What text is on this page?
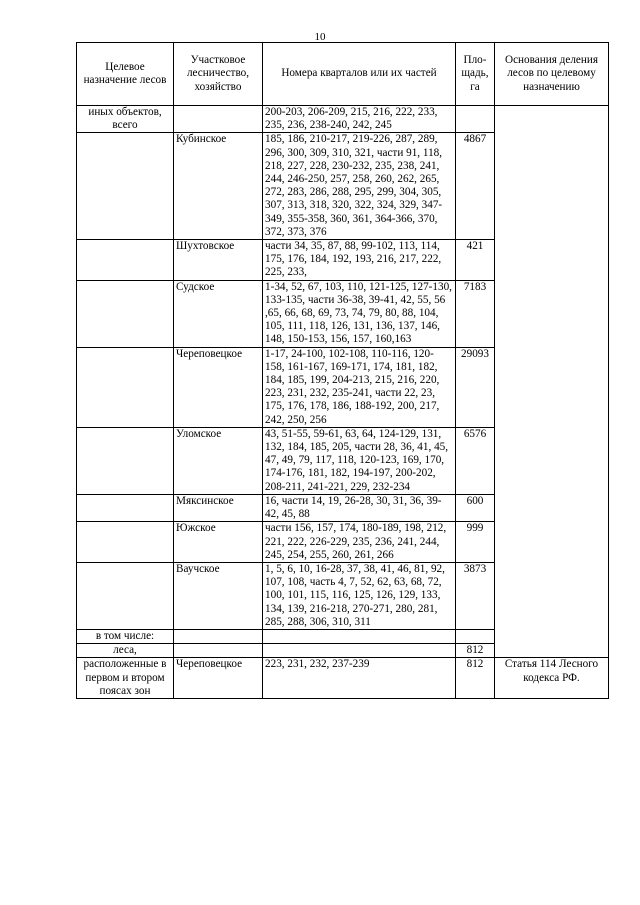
10
Целевое назначение лесов	Участковое лесничество, хозяйство	Номера кварталов или их частей	Пло-щадь, га	Основания деления лесов по целевому назначению
иных объектов, всего		200-203, 206-209, 215, 216, 222, 233, 235, 236, 238-240, 242, 245		
	Кубинское	185, 186, 210-217, 219-226, 287, 289, 296, 300, 309, 310, 321, части 91, 118, 218, 227, 228, 230-232, 235, 238, 241, 244, 246-250, 257, 258, 260, 262, 265, 272, 283, 286, 288, 295, 299, 304, 305, 307, 313, 318, 320, 322, 324, 329, 347-349, 355-358, 360, 361, 364-366, 370, 372, 373, 376	4867	
	Шухтовское	части 34, 35, 87, 88, 99-102, 113, 114, 175, 176, 184, 192, 193, 216, 217, 222, 225, 233,	421	
	Судское	1-34, 52, 67, 103, 110, 121-125, 127-130, 133-135, части 36-38, 39-41, 42, 55, 56 ,65, 66, 68, 69, 73, 74, 79, 80, 88, 104, 105, 111, 118, 126, 131, 136, 137, 146, 148, 150-153, 156, 157, 160,163	7183	
	Череповецкое	1-17, 24-100, 102-108, 110-116, 120-158, 161-167, 169-171, 174, 181, 182, 184, 185, 199, 204-213, 215, 216, 220, 223, 231, 232, 235-241, части 22, 23, 175, 176, 178, 186, 188-192, 200, 217, 242, 250, 256	29093	
	Уломское	43, 51-55, 59-61, 63, 64, 124-129, 131, 132, 184, 185, 205, части 28, 36, 41, 45, 47, 49, 79, 117, 118, 120-123, 169, 170, 174-176, 181, 182, 194-197, 200-202, 208-211, 241-221, 229, 232-234	6576	
	Мяксинское	16, части 14, 19, 26-28, 30, 31, 36, 39-42, 45, 88	600	
	Южское	части 156, 157, 174, 180-189, 198, 212, 221, 222, 226-229, 235, 236, 241, 244, 245, 254, 255, 260, 261, 266	999	
	Ваучское	1, 5, 6, 10, 16-28, 37, 38, 41, 46, 81, 92, 107, 108, часть 4, 7, 52, 62, 63, 68, 72, 100, 101, 115, 116, 125, 126, 129, 133, 134, 139, 216-218, 270-271, 280, 281, 285, 288, 306, 310, 311	3873	
в том числе:				
леса,			812	
расположенные в первом и втором поясах зон	Череповецкое	223, 231, 232, 237-239	812	Статья 114 Лесного кодекса РФ.
